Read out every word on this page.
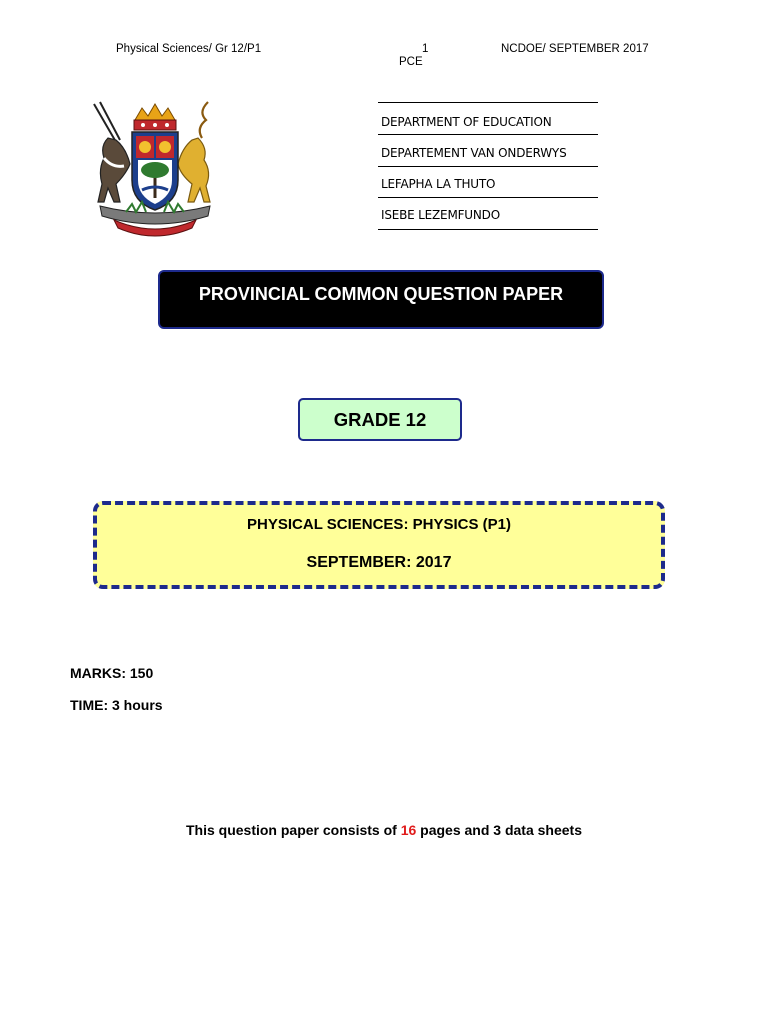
Physical Sciences/ Gr 12/P1	1
PCE
NCDOE/ SEPTEMBER 2017
DEPARTMENT OF EDUCATION
DEPARTEMENT VAN ONDERWYS
LEFAPHA LA THUTO
ISEBE LEZEMFUNDO
PROVINCIAL COMMON QUESTION PAPER
GRADE 12
PHYSICAL SCIENCES: PHYSICS (P1)
SEPTEMBER: 2017
MARKS: 150
TIME: 3 hours
This question paper consists of 16 pages and 3 data sheets
